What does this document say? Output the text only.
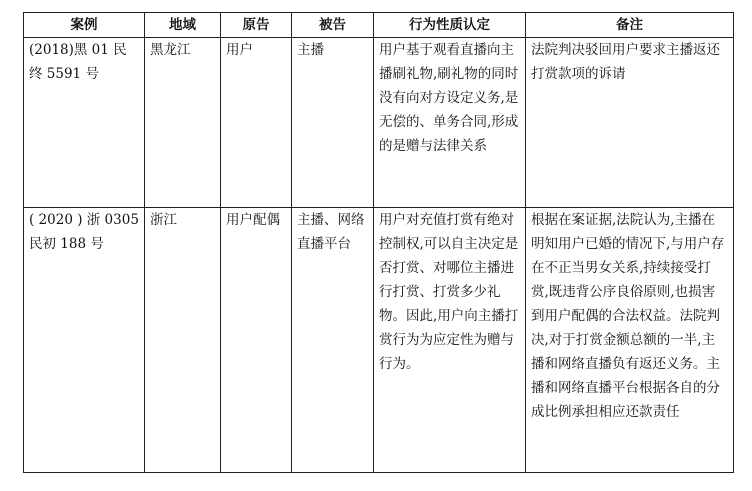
案例	地域	原告	被告	行为性质认定	备注
(2018)黑 01 民终 5591 号	黑龙江	用户	主播	用户基于观看直播向主播刷礼物,刷礼物的同时没有向对方设定义务,是无偿的、单务合同,形成的是赠与法律关系	法院判决驳回用户要求主播返还打赏款项的诉请
( 2020 ) 浙 0305 民初 188 号	浙江	用户配偶	主播、网络直播平台	用户对充值打赏有绝对控制权,可以自主决定是否打赏、对哪位主播进行打赏、打赏多少礼物。因此,用户向主播打赏行为为应定性为赠与行为。	根据在案证据,法院认为,主播在明知用户已婚的情况下,与用户存在不正当男女关系,持续接受打赏,既违背公序良俗原则,也损害到用户配偶的合法权益。法院判决,对于打赏金额总额的一半,主播和网络直播负有返还义务。主播和网络直播平台根据各自的分成比例承担相应还款责任
